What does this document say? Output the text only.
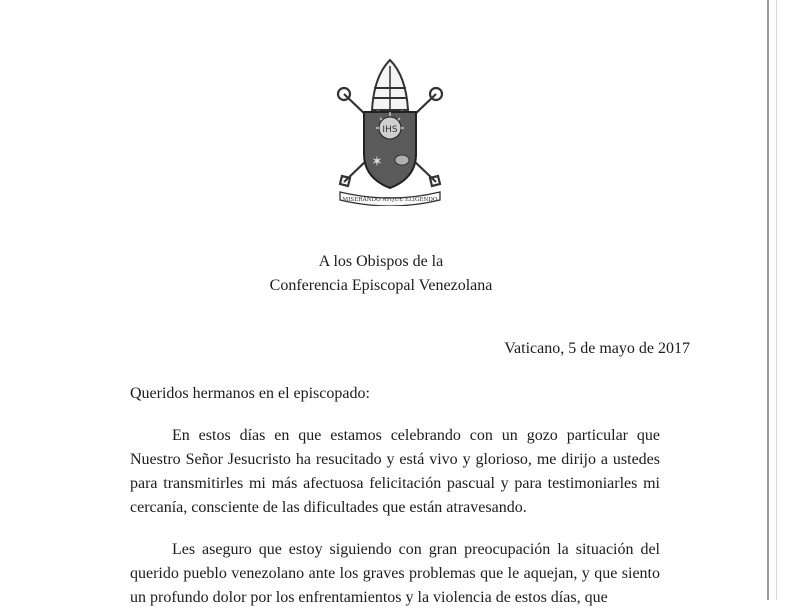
IHS
✶
MISERANDO ATQUE ELIGENDO
A los Obispos de la
Conferencia Episcopal Venezolana
Vaticano, 5 de mayo de 2017
Queridos hermanos en el episcopado:

En estos días en que estamos celebrando con un gozo particular que Nuestro Señor Jesucristo ha resucitado y está vivo y glorioso, me dirijo a ustedes para transmitirles mi más afectuosa felicitación pascual y para testimoniarles mi cercanía, consciente de las dificultades que están atravesando.

Les aseguro que estoy siguiendo con gran preocupación la situación del querido pueblo venezolano ante los graves problemas que le aquejan, y que siento un profundo dolor por los enfrentamientos y la violencia de estos días, que
